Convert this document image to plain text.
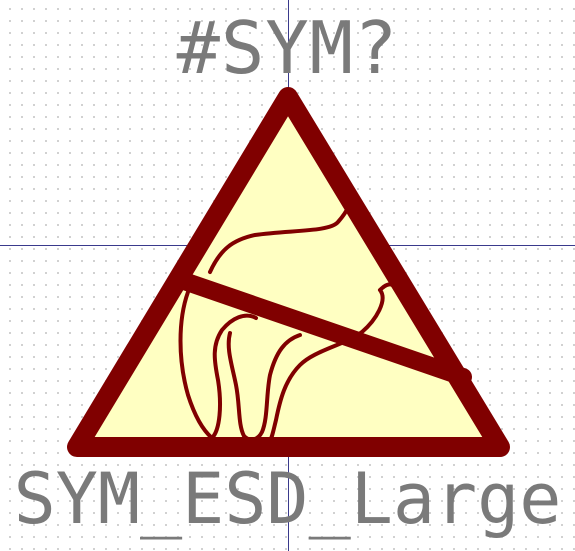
#SYM?
SYM_ESD_Large
